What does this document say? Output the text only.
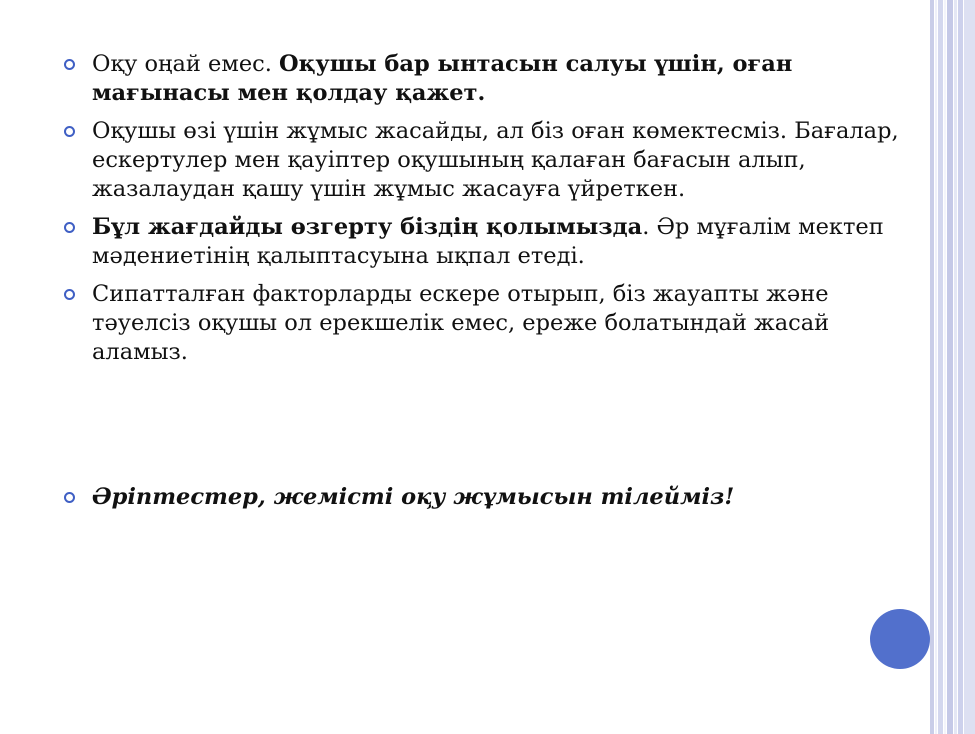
Оқу оңай емес. Оқушы бар ынтасын салуы үшін, оған мағынасы мен қолдау қажет.
Оқушы өзі үшін жұмыс жасайды, ал біз оған көмектесміз. Бағалар, ескертулер мен қауіптер оқушының қалаған бағасын алып, жазалаудан қашу үшін жұмыс жасауға үйреткен.
Бұл жағдайды өзгерту біздің қолымызда. Әр мұғалім мектеп мәдениетінің қалыптасуына ықпал етеді.
Сипатталған факторларды ескере отырып, біз жауапты және тәуелсіз оқушы ол ерекшелік емес, ереже болатындай жасай аламыз.
Әріптестер, жемісті оқу жұмысын тілейміз!
